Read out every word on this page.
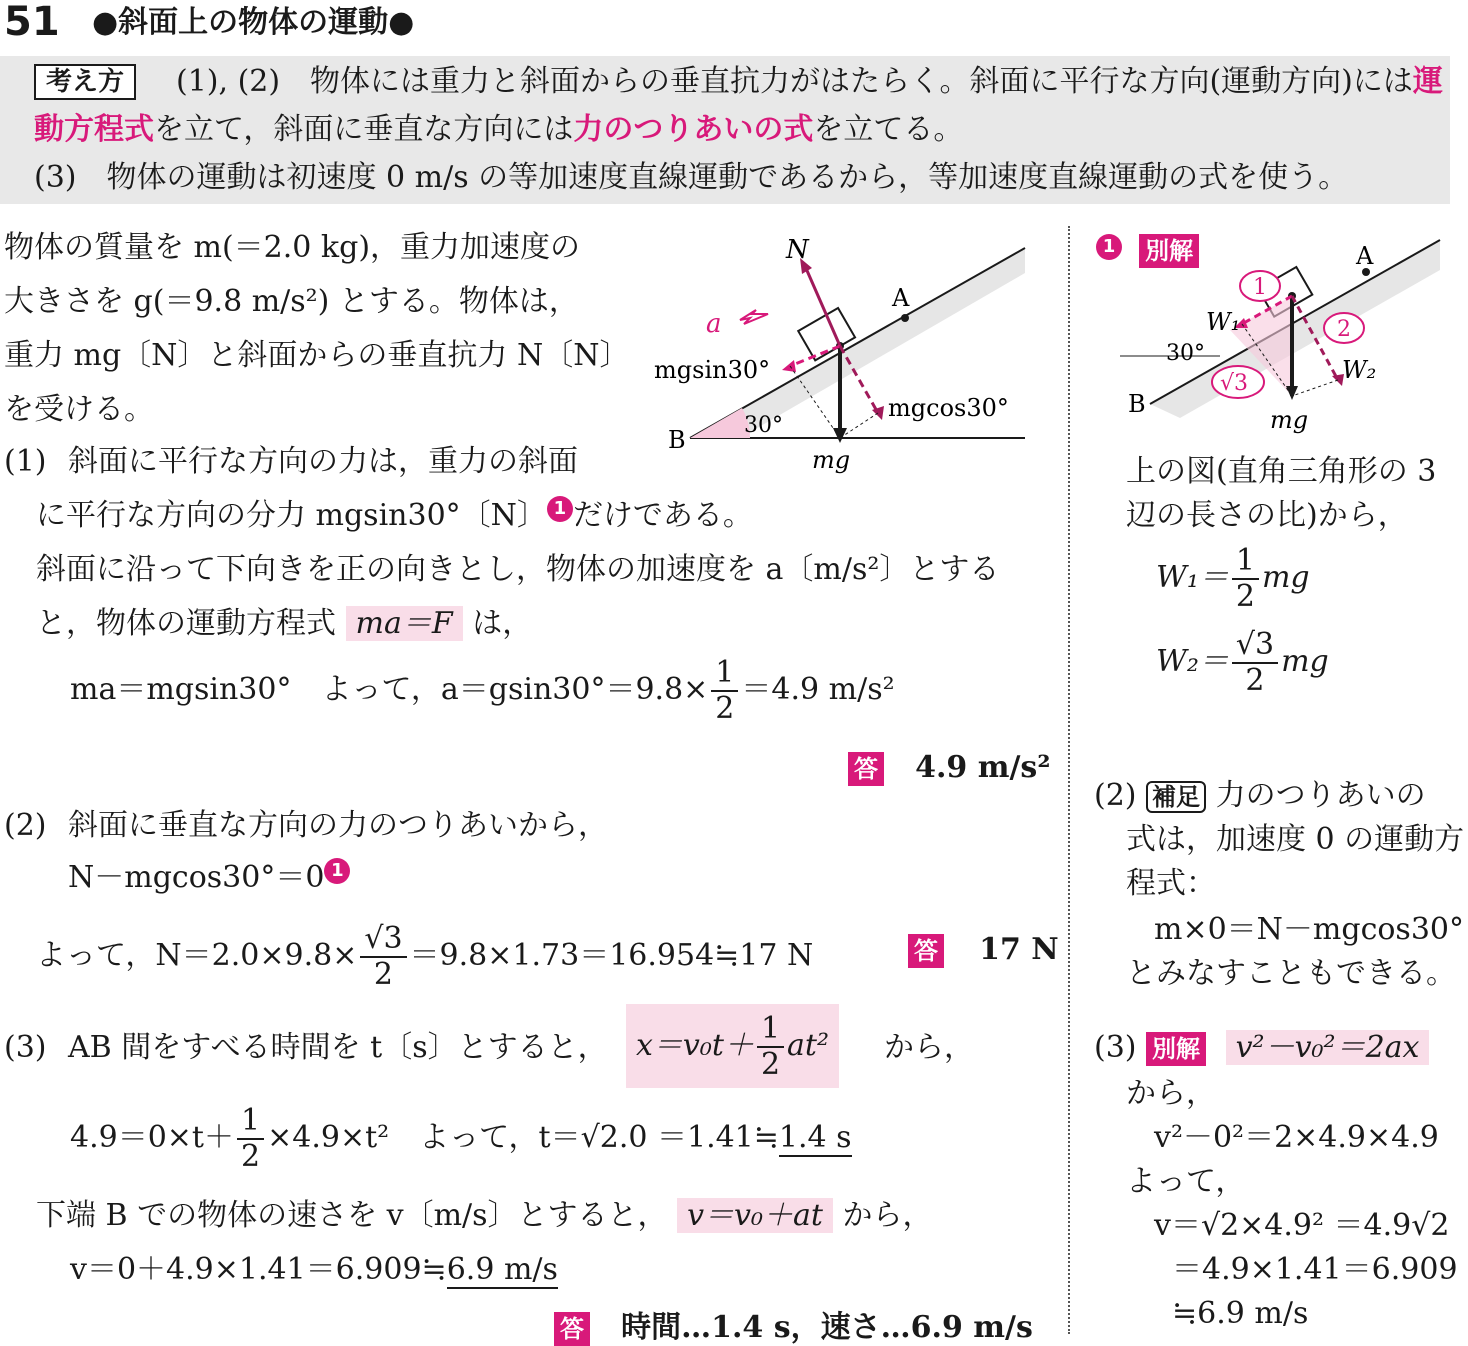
51 ●斜面上の物体の運動●
考え方	(1), (2)　物体には重力と斜面からの垂直抗力がはたらく。斜面に平行な方向(運動方向)には運
動方程式を立て，斜面に垂直な方向には力のつりあいの式を立てる。
(3)　物体の運動は初速度 0 m/s の等加速度直線運動であるから，等加速度直線運動の式を使う。
物体の質量を m(＝2.0 kg)，重力加速度の
大きさを g(＝9.8 m/s²) とする。物体は，
重力 mg〔N〕と斜面からの垂直抗力 N〔N〕
を受ける。
N
a
A
B
mgsin30°
mgcos30°
30°
mg
(1) 斜面に平行な方向の力は，重力の斜面
に平行な方向の分力 mgsin30°〔N〕 1 だけである。
斜面に沿って下向きを正の向きとし，物体の加速度を a〔m/s²〕とする
と，物体の運動方程式 ma＝F は，
ma＝mgsin30°　よって，$a=gsin30^\circ=9.8\times \frac{1}{2} =4.9$ m/s²
答 4.9 m/s²
(2) 斜面に垂直な方向の力のつりあいから，
N－mgcos30°＝0 1
よって，$N=2.0\times 9.8\times \frac{√3}{2}$ ＝9.8×1.73＝16.954≒17 N	答 17 N
(3) AB 間をすべる時間を t〔s〕とすると， $x=v_0t+ \frac{1}{2} at^2$	から，
$4.9=0\times t+ \frac{1}{2} \times 4.9\times t^2$　よって，t＝√2.0 ＝1.41≒1.4 s
下端 B での物体の速さを v〔m/s〕とすると， v＝v₀＋at から，
v＝0＋4.9×1.41＝6.909≒6.9 m/s
答 時間…1.4 s，速さ…6.9 m/s
1 別解
1
2
√3
A
B
W₁
W₂
30°
mg
上の図(直角三角形の 3
辺の長さの比)から，
$W_1= \frac{1}{2}$ mg
$W_2= \frac{√3}{2}$ mg
(2) 補足 力のつりあいの
式は，加速度 0 の運動方
程式：
m×0＝N－mgcos30°
とみなすこともできる。
(3) 別解 v²－v₀²＝2ax
から，
v²－0²＝2×4.9×4.9
よって，
v＝√2×4.9² ＝4.9√2
＝4.9×1.41＝6.909
≒6.9 m/s
